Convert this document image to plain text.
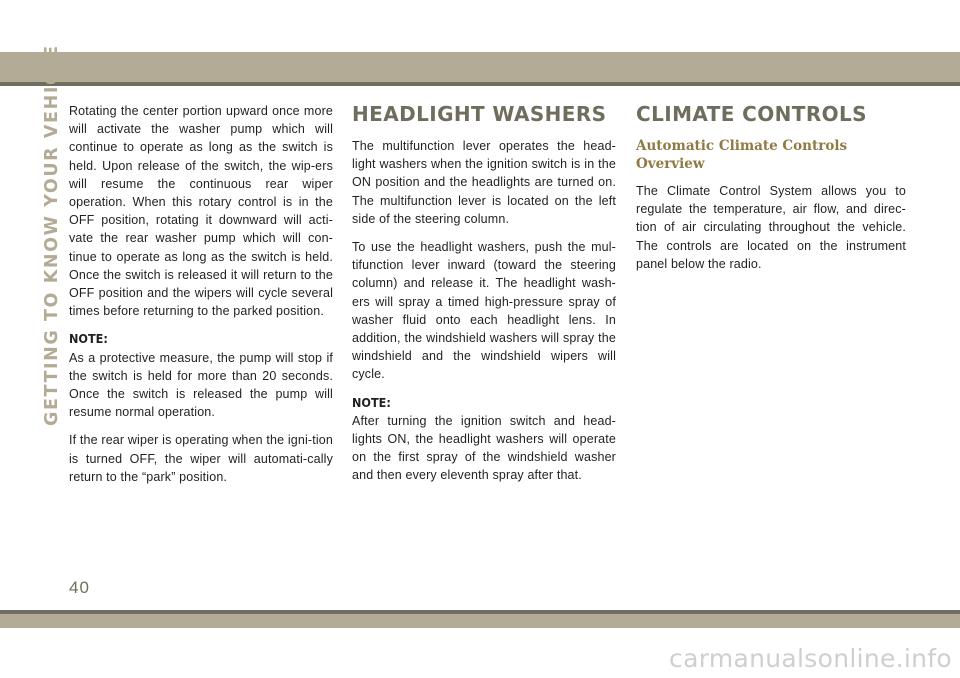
GETTING TO KNOW YOUR VEHICLE Rotating the center portion upward once more will activate the washer pump which will continue to operate as long as the switch is held. Upon release of the switch, the wip-ers will resume the continuous rear wiper operation. When this rotary control is in the OFF position, rotating it downward will acti-vate the rear washer pump which will con-tinue to operate as long as the switch is held. Once the switch is released it will return to the OFF position and the wipers will cycle several times before returning to the parked position.

NOTE:

As a protective measure, the pump will stop if the switch is held for more than 20 seconds. Once the switch is released the pump will resume normal operation.

If the rear wiper is operating when the igni-tion is turned OFF, the wiper will automati-cally return to the “park” position.

HEADLIGHT WASHERS

The multifunction lever operates the head-light washers when the ignition switch is in the ON position and the headlights are turned on. The multifunction lever is located on the left side of the steering column.

To use the headlight washers, push the mul-tifunction lever inward (toward the steering column) and release it. The headlight wash-ers will spray a timed high-pressure spray of washer fluid onto each headlight lens. In addition, the windshield washers will spray the windshield and the windshield wipers will cycle.

NOTE:

After turning the ignition switch and head-lights ON, the headlight washers will operate on the first spray of the windshield washer and then every eleventh spray after that.

CLIMATE CONTROLS
Automatic Climate Controls Overview

The Climate Control System allows you to regulate the temperature, air flow, and direc-tion of air circulating throughout the vehicle. The controls are located on the instrument panel below the radio.

40
carmanualsonline.info
